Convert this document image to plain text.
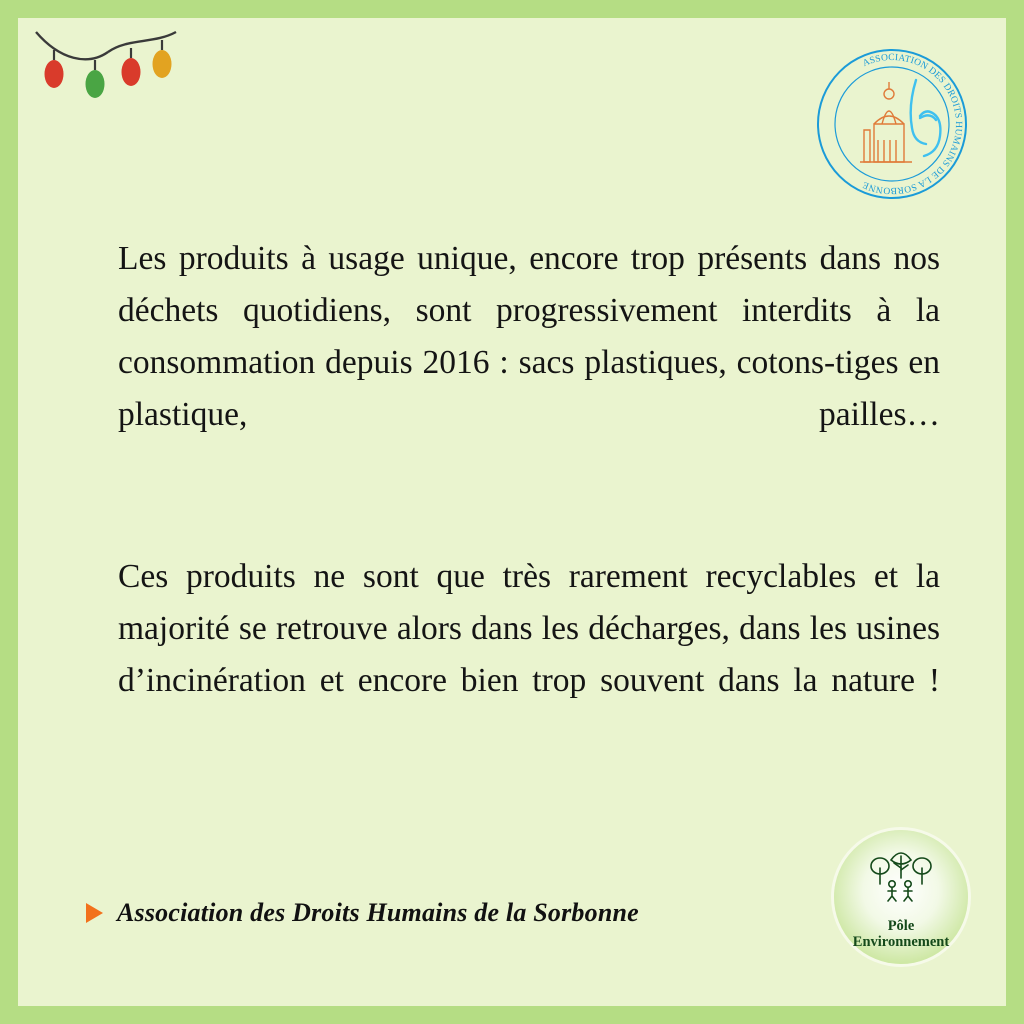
ASSOCIATION DES DROITS HUMAINS DE LA SORBONNE

Les produits à usage unique, encore trop présents dans nos déchets quotidiens, sont progressivement interdits à la consommation depuis 2016 : sacs plastiques, cotons-tiges en plastique, pailles…

Ces produits ne sont que très rarement recyclables et la majorité se retrouve alors dans les décharges, dans les usines d’incinération et encore bien trop souvent dans la nature !

Association des Droits Humains de la Sorbonne	Pôle
Environnement
